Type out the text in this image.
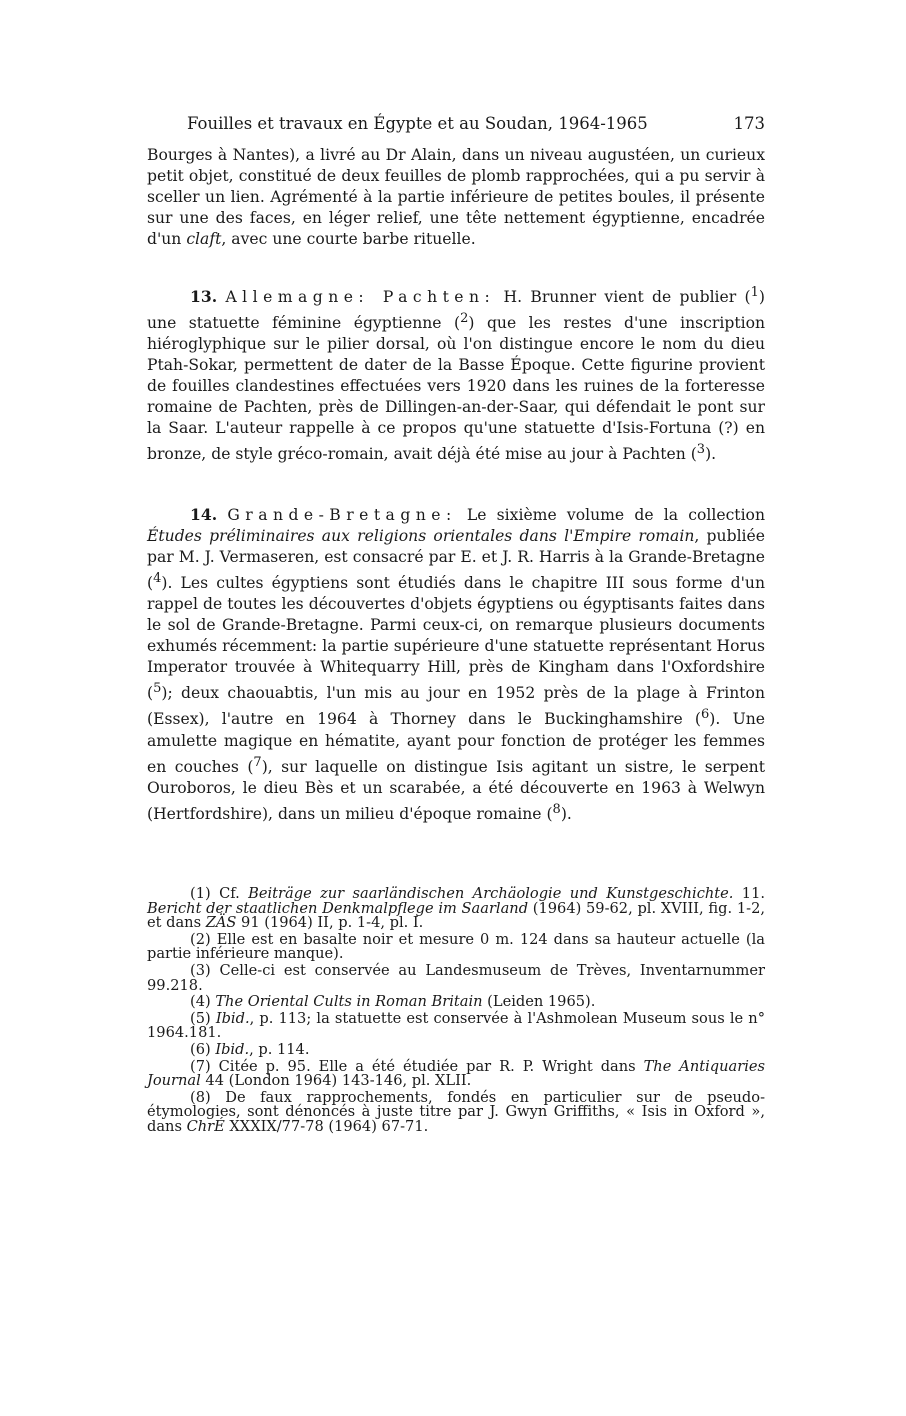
Fouilles et travaux en Égypte et au Soudan, 1964-1965	173

Bourges à Nantes), a livré au Dr Alain, dans un niveau augustéen, un curieux petit objet, constitué de deux feuilles de plomb rapprochées, qui a pu servir à sceller un lien. Agrémenté à la partie inférieure de petites boules, il présente sur une des faces, en léger relief, une tête nettement égyptienne, encadrée d'un claft, avec une courte barbe rituelle.

13. Allemagne: Pachten: H. Brunner vient de publier ($^1$) une statuette féminine égyptienne ($^2$) que les restes d'une inscription hiéroglyphique sur le pilier dorsal, où l'on distingue encore le nom du dieu Ptah-Sokar, permettent de dater de la Basse Époque. Cette figurine provient de fouilles clandestines effectuées vers 1920 dans les ruines de la forteresse romaine de Pachten, près de Dillingen-an-der-Saar, qui défendait le pont sur la Saar. L'auteur rappelle à ce propos qu'une statuette d'Isis-Fortuna (?) en bronze, de style gréco-romain, avait déjà été mise au jour à Pachten ($^3$).

14. Grande-Bretagne: Le sixième volume de la collection Études préliminaires aux religions orientales dans l'Empire romain, publiée par M. J. Vermaseren, est consacré par E. et J. R. Harris à la Grande-Bretagne ($^4$). Les cultes égyptiens sont étudiés dans le chapitre III sous forme d'un rappel de toutes les découvertes d'objets égyptiens ou égyptisants faites dans le sol de Grande-Bretagne. Parmi ceux-ci, on remarque plusieurs documents exhumés récemment: la partie supérieure d'une statuette représentant Horus Imperator trouvée à Whitequarry Hill, près de Kingham dans l'Oxfordshire ($^5$); deux chaouabtis, l'un mis au jour en 1952 près de la plage à Frinton (Essex), l'autre en 1964 à Thorney dans le Buckinghamshire ($^6$). Une amulette magique en hématite, ayant pour fonction de protéger les femmes en couches ($^7$), sur laquelle on distingue Isis agitant un sistre, le serpent Ouroboros, le dieu Bès et un scarabée, a été découverte en 1963 à Welwyn (Hertfordshire), dans un milieu d'époque romaine ($^8$).

(1) Cf. Beiträge zur saarländischen Archäologie und Kunstgeschichte. 11. Bericht der staatlichen Denkmalpflege im Saarland (1964) 59-62, pl. XVIII, fig. 1-2, et dans ZÄS 91 (1964) II, p. 1-4, pl. I.

(2) Elle est en basalte noir et mesure 0 m. 124 dans sa hauteur actuelle (la partie inférieure manque).

(3) Celle-ci est conservée au Landesmuseum de Trèves, Inventarnummer 99.218.

(4) The Oriental Cults in Roman Britain (Leiden 1965).

(5) Ibid., p. 113; la statuette est conservée à l'Ashmolean Museum sous le n° 1964.181.

(6) Ibid., p. 114.

(7) Citée p. 95. Elle a été étudiée par R. P. Wright dans The Antiquaries Journal 44 (London 1964) 143-146, pl. XLII.

(8) De faux rapprochements, fondés en particulier sur de pseudo-étymologies, sont dénoncés à juste titre par J. Gwyn Griffiths, « Isis in Oxford », dans ChrÉ XXXIX/77-78 (1964) 67-71.
